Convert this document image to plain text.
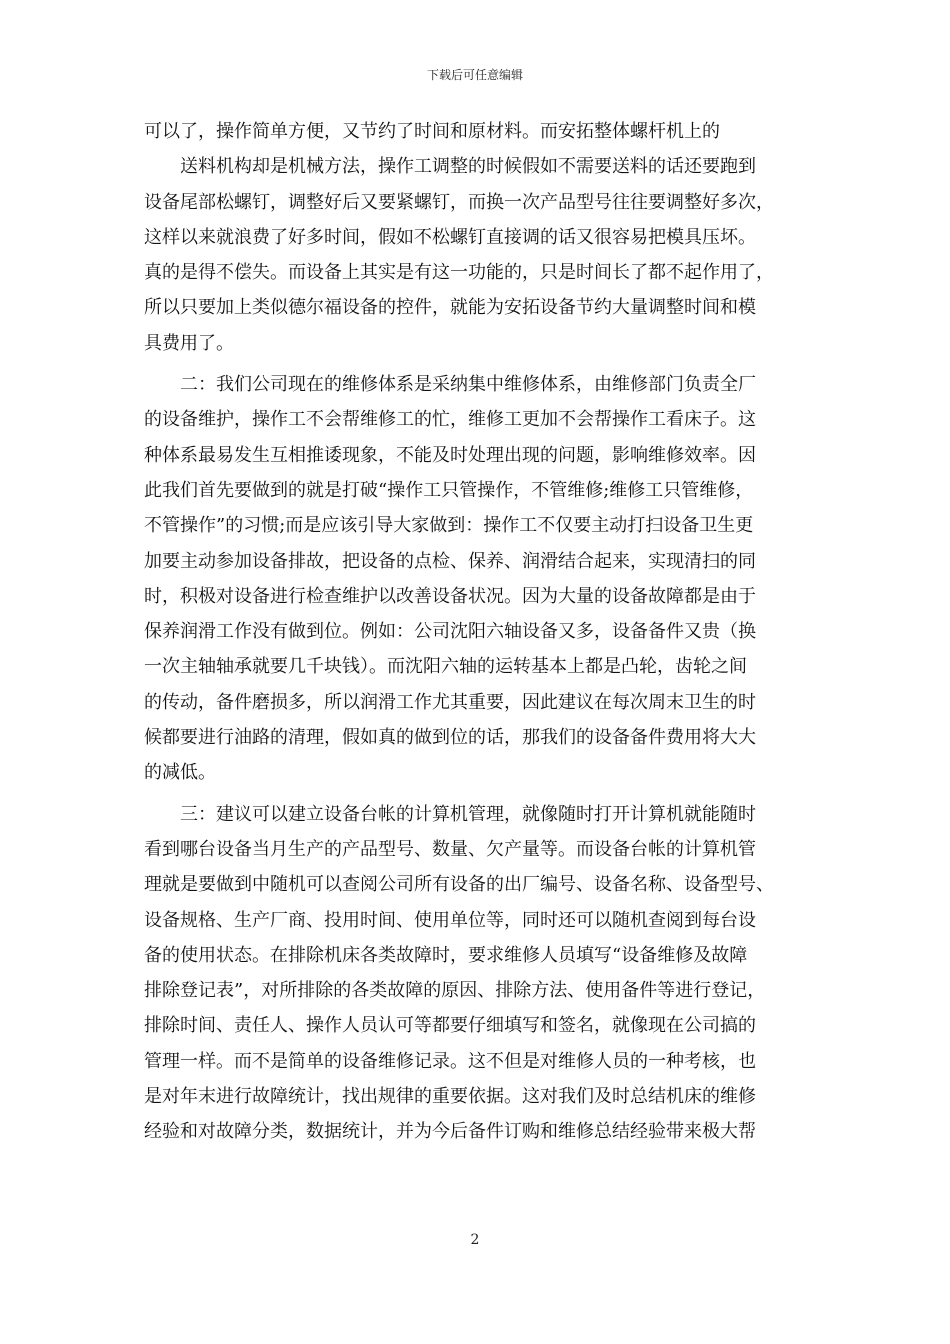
下载后可任意编辑
可以了，操作简单方便，又节约了时间和原材料。而安拓整体螺杆机上的
　　送料机构却是机械方法，操作工调整的时候假如不需要送料的话还要跑到
设备尾部松螺钉，调整好后又要紧螺钉，而换一次产品型号往往要调整好多次，
这样以来就浪费了好多时间，假如不松螺钉直接调的话又很容易把模具压坏。
真的是得不偿失。而设备上其实是有这一功能的，只是时间长了都不起作用了，
所以只要加上类似德尔福设备的控件，就能为安拓设备节约大量调整时间和模
具费用了。
　　二：我们公司现在的维修体系是采纳集中维修体系，由维修部门负责全厂
的设备维护，操作工不会帮维修工的忙，维修工更加不会帮操作工看床子。这
种体系最易发生互相推诿现象，不能及时处理出现的问题，影响维修效率。因
此我们首先要做到的就是打破“操作工只管操作，不管维修;维修工只管维修，
不管操作”的习惯;而是应该引导大家做到：操作工不仅要主动打扫设备卫生更
加要主动参加设备排故，把设备的点检、保养、润滑结合起来，实现清扫的同
时，积极对设备进行检查维护以改善设备状况。因为大量的设备故障都是由于
保养润滑工作没有做到位。例如：公司沈阳六轴设备又多，设备备件又贵（换
一次主轴轴承就要几千块钱）。而沈阳六轴的运转基本上都是凸轮，齿轮之间
的传动，备件磨损多，所以润滑工作尤其重要，因此建议在每次周末卫生的时
候都要进行油路的清理，假如真的做到位的话，那我们的设备备件费用将大大
的减低。
　　三：建议可以建立设备台帐的计算机管理，就像随时打开计算机就能随时
看到哪台设备当月生产的产品型号、数量、欠产量等。而设备台帐的计算机管
理就是要做到中随机可以查阅公司所有设备的出厂编号、设备名称、设备型号、
设备规格、生产厂商、投用时间、使用单位等，同时还可以随机查阅到每台设
备的使用状态。在排除机床各类故障时，要求维修人员填写“设备维修及故障
排除登记表”，对所排除的各类故障的原因、排除方法、使用备件等进行登记，
排除时间、责任人、操作人员认可等都要仔细填写和签名，就像现在公司搞的
管理一样。而不是简单的设备维修记录。这不但是对维修人员的一种考核，也
是对年末进行故障统计，找出规律的重要依据。这对我们及时总结机床的维修
经验和对故障分类，数据统计，并为今后备件订购和维修总结经验带来极大帮
2
